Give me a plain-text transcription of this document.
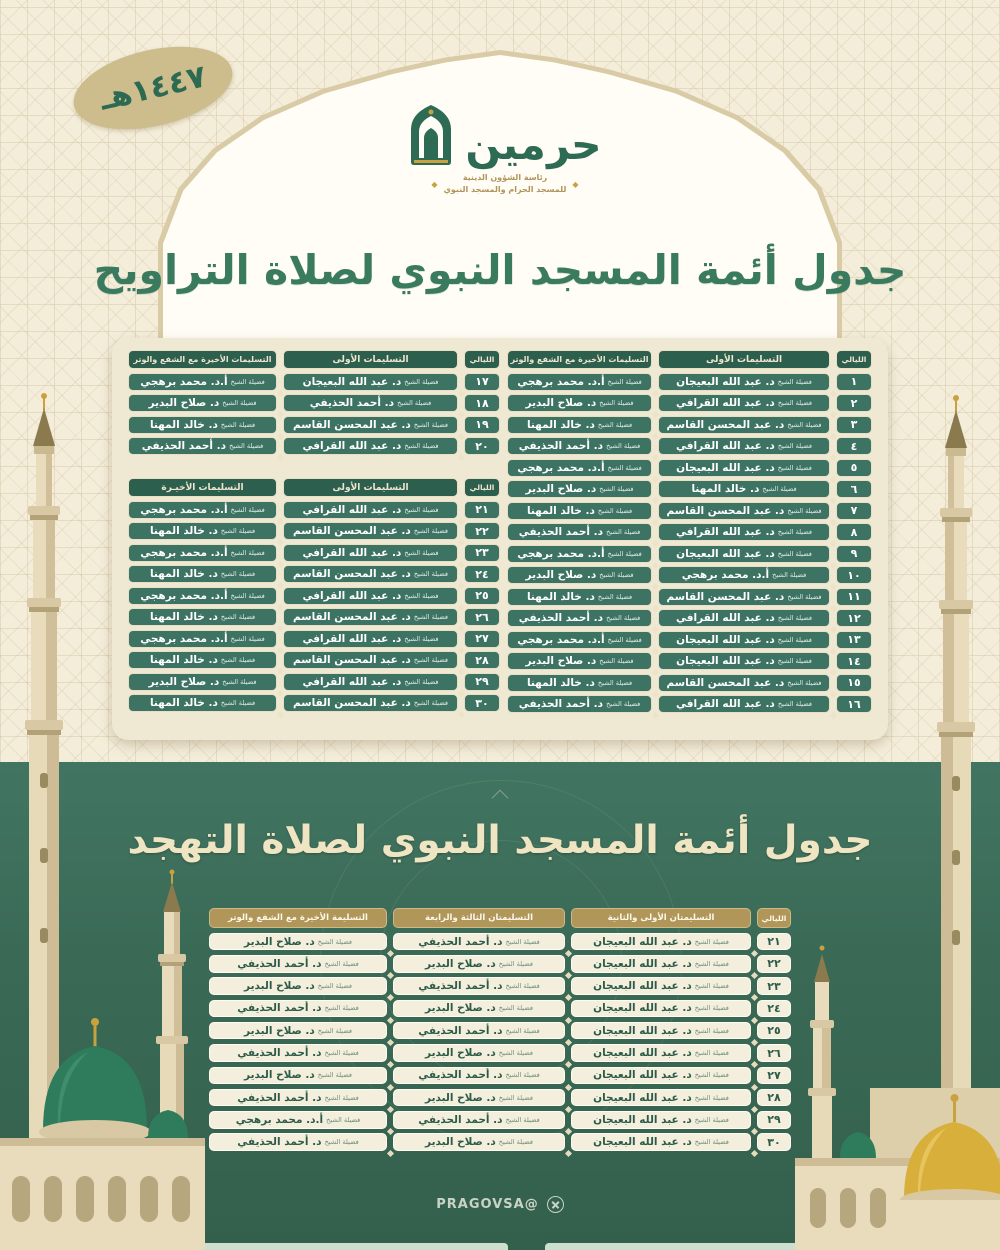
١٤٤٧هـ
حرمين
◆
رئاسة الشؤون الدينية
للمسجد الحرام والمسجد النبوي
◆
جدول أئمة المسجد النبوي لصلاة التراويح
الليالي
التسليمات الأولى
التسليمات الأخيرة مع الشفع والوتر
١
فضيلة الشيخ
د. عبد الله البعيجان
فضيلة الشيخ
أ.د. محمد برهجي
٢
فضيلة الشيخ
د. عبد الله القرافي
فضيلة الشيخ
د. صلاح البدير
٣
فضيلة الشيخ
د. عبد المحسن القاسم
فضيلة الشيخ
د. خالد المهنا
٤
فضيلة الشيخ
د. عبد الله القرافي
فضيلة الشيخ
د. أحمد الحذيفي
٥
فضيلة الشيخ
د. عبد الله البعيجان
فضيلة الشيخ
أ.د. محمد برهجي
٦
فضيلة الشيخ
د. خالد المهنا
فضيلة الشيخ
د. صلاح البدير
٧
فضيلة الشيخ
د. عبد المحسن القاسم
فضيلة الشيخ
د. خالد المهنا
٨
فضيلة الشيخ
د. عبد الله القرافي
فضيلة الشيخ
د. أحمد الحذيفي
٩
فضيلة الشيخ
د. عبد الله البعيجان
فضيلة الشيخ
أ.د. محمد برهجي
١٠
فضيلة الشيخ
أ.د. محمد برهجي
فضيلة الشيخ
د. صلاح البدير
١١
فضيلة الشيخ
د. عبد المحسن القاسم
فضيلة الشيخ
د. خالد المهنا
١٢
فضيلة الشيخ
د. عبد الله القرافي
فضيلة الشيخ
د. أحمد الحذيفي
١٣
فضيلة الشيخ
د. عبد الله البعيجان
فضيلة الشيخ
أ.د. محمد برهجي
١٤
فضيلة الشيخ
د. عبد الله البعيجان
فضيلة الشيخ
د. صلاح البدير
١٥
فضيلة الشيخ
د. عبد المحسن القاسم
فضيلة الشيخ
د. خالد المهنا
١٦
فضيلة الشيخ
د. عبد الله القرافي
فضيلة الشيخ
د. أحمد الحذيفي
الليالي
التسليمات الأولى
التسليمات الأخيرة مع الشفع والوتر
١٧
فضيلة الشيخ
د. عبد الله البعيجان
فضيلة الشيخ
أ.د. محمد برهجي
١٨
فضيلة الشيخ
د. أحمد الحذيفي
فضيلة الشيخ
د. صلاح البدير
١٩
فضيلة الشيخ
د. عبد المحسن القاسم
فضيلة الشيخ
د. خالد المهنا
٢٠
فضيلة الشيخ
د. عبد الله القرافي
فضيلة الشيخ
د. أحمد الحذيفي
الليالي
التسليمات الأولى
التسليمات الأخيـرة
٢١
فضيلة الشيخ
د. عبد الله القرافي
فضيلة الشيخ
أ.د. محمد برهجي
٢٢
فضيلة الشيخ
د. عبد المحسن القاسم
فضيلة الشيخ
د. خالد المهنا
٢٣
فضيلة الشيخ
د. عبد الله القرافي
فضيلة الشيخ
أ.د. محمد برهجي
٢٤
فضيلة الشيخ
د. عبد المحسن القاسم
فضيلة الشيخ
د. خالد المهنا
٢٥
فضيلة الشيخ
د. عبد الله القرافي
فضيلة الشيخ
أ.د. محمد برهجي
٢٦
فضيلة الشيخ
د. عبد المحسن القاسم
فضيلة الشيخ
د. خالد المهنا
٢٧
فضيلة الشيخ
د. عبد الله القرافي
فضيلة الشيخ
أ.د. محمد برهجي
٢٨
فضيلة الشيخ
د. عبد المحسن القاسم
فضيلة الشيخ
د. خالد المهنا
٢٩
فضيلة الشيخ
د. عبد الله القرافي
فضيلة الشيخ
د. صلاح البدير
٣٠
فضيلة الشيخ
د. عبد المحسن القاسم
فضيلة الشيخ
د. خالد المهنا
جدول أئمة المسجد النبوي لصلاة التهجد
الليالي
التسليمتان الأولى والثانية
التسليمتان الثالثة والرابعة
التسليمة الأخيرة مع الشفع والوتر
٢١
فضيلة الشيخ
د. عبد الله البعيجان
فضيلة الشيخ
د. أحمد الحذيفي
فضيلة الشيخ
د. صلاح البدير
٢٢
فضيلة الشيخ
د. عبد الله البعيجان
فضيلة الشيخ
د. صلاح البدير
فضيلة الشيخ
د. أحمد الحذيفي
٢٣
فضيلة الشيخ
د. عبد الله البعيجان
فضيلة الشيخ
د. أحمد الحذيفي
فضيلة الشيخ
د. صلاح البدير
٢٤
فضيلة الشيخ
د. عبد الله البعيجان
فضيلة الشيخ
د. صلاح البدير
فضيلة الشيخ
د. أحمد الحذيفي
٢٥
فضيلة الشيخ
د. عبد الله البعيجان
فضيلة الشيخ
د. أحمد الحذيفي
فضيلة الشيخ
د. صلاح البدير
٢٦
فضيلة الشيخ
د. عبد الله البعيجان
فضيلة الشيخ
د. صلاح البدير
فضيلة الشيخ
د. أحمد الحذيفي
٢٧
فضيلة الشيخ
د. عبد الله البعيجان
فضيلة الشيخ
د. أحمد الحذيفي
فضيلة الشيخ
د. صلاح البدير
٢٨
فضيلة الشيخ
د. عبد الله البعيجان
فضيلة الشيخ
د. صلاح البدير
فضيلة الشيخ
د. أحمد الحذيفي
٢٩
فضيلة الشيخ
د. عبد الله البعيجان
فضيلة الشيخ
د. أحمد الحذيفي
فضيلة الشيخ
أ.د. محمد برهجي
٣٠
فضيلة الشيخ
د. عبد الله البعيجان
فضيلة الشيخ
د. صلاح البدير
فضيلة الشيخ
د. أحمد الحذيفي
@PRAGOVSA
